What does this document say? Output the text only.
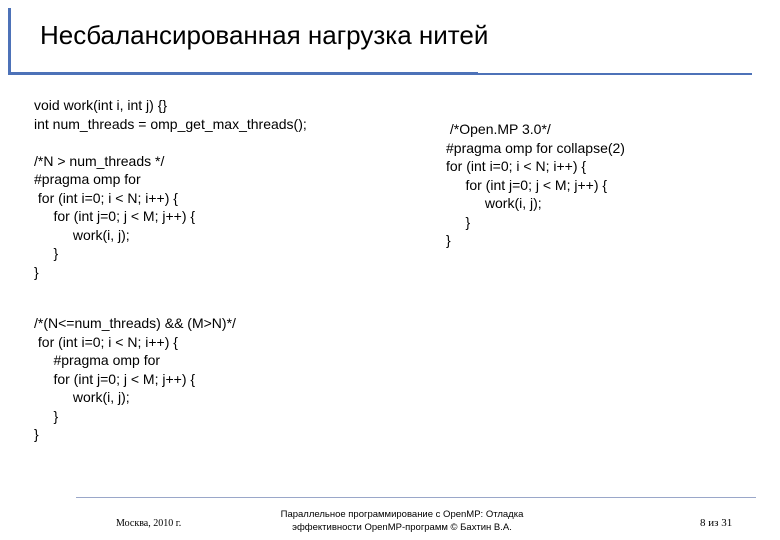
Несбалансированная нагрузка нитей
void work(int i, int j) {}
int num_threads = omp_get_max_threads();

/*N > num_threads */
#pragma omp for
for (int i=0; i < N; i++) {
for (int j=0; j < M; j++) {
work(i, j);
}
}
/*Open.MP 3.0*/
#pragma omp for collapse(2)
for (int i=0; i < N; i++) {
for (int j=0; j < M; j++) {
work(i, j);
}
}
/*(N<=num_threads) && (M>N)*/
for (int i=0; i < N; i++) {
#pragma omp for
for (int j=0; j < M; j++) {
work(i, j);
}
}
Москва, 2010 г.
Параллельное программирование с OpenMP: Отладка
эффективности OpenMP-программ © Бахтин В.А.	8 из 31
